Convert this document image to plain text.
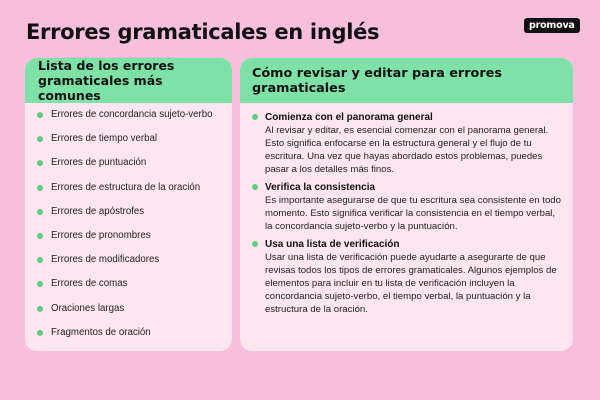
Errores gramaticales en inglés	promova
Lista de los errores gramaticales más comunes
Errores de concordancia sujeto-verbo
Errores de tiempo verbal
Errores de puntuación
Errores de estructura de la oración
Errores de apóstrofes
Errores de pronombres
Errores de modificadores
Errores de comas
Oraciones largas
Fragmentos de oración
Cómo revisar y editar para errores gramaticales
Comienza con el panorama general
Al revisar y editar, es esencial comenzar con el panorama general. Esto significa enfocarse en la estructura general y el flujo de tu escritura. Una vez que hayas abordado estos problemas, puedes pasar a los detalles más finos.
Verifica la consistencia
Es importante asegurarse de que tu escritura sea consistente en todo momento. Esto significa verificar la consistencia en el tiempo verbal, la concordancia sujeto-verbo y la puntuación.
Usa una lista de verificación
Usar una lista de verificación puede ayudarte a asegurarte de que revisas todos los tipos de errores gramaticales. Algunos ejemplos de elementos para incluir en tu lista de verificación incluyen la concordancia sujeto-verbo, el tiempo verbal, la puntuación y la estructura de la oración.
